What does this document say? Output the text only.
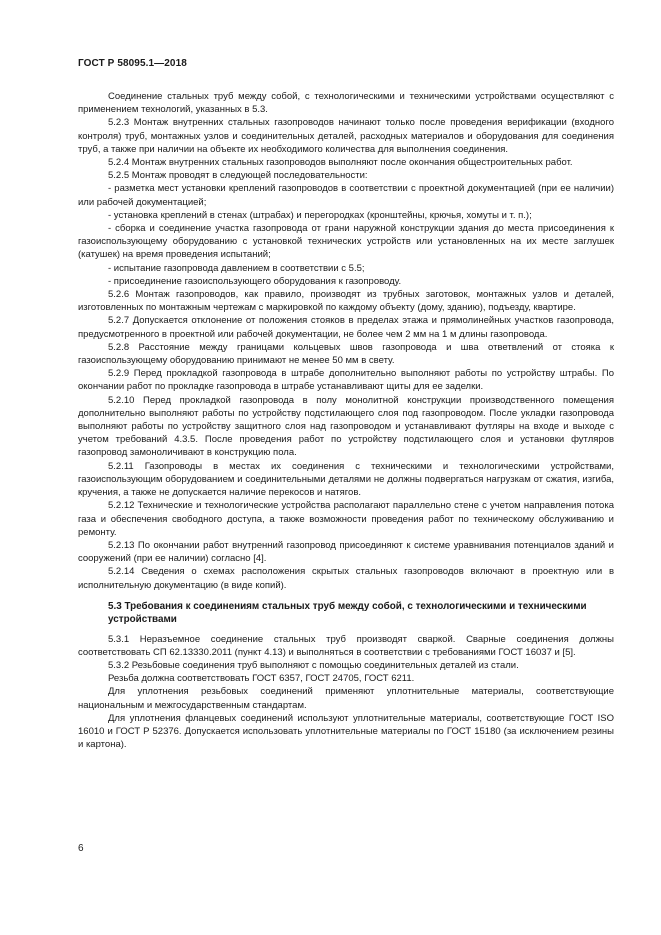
ГОСТ Р 58095.1—2018

Соединение стальных труб между собой, с технологическими и техническими устройствами осуществляют с применением технологий, указанных в 5.3.

5.2.3 Монтаж внутренних стальных газопроводов начинают только после проведения верификации (входного контроля) труб, монтажных узлов и соединительных деталей, расходных материалов и оборудования для соединения труб, а также при наличии на объекте их необходимого количества для выполнения соединения.

5.2.4 Монтаж внутренних стальных газопроводов выполняют после окончания общестроительных работ.

5.2.5 Монтаж проводят в следующей последовательности:

- разметка мест установки креплений газопроводов в соответствии с проектной документацией (при ее наличии) или рабочей документацией;

- установка креплений в стенах (штрабах) и перегородках (кронштейны, крючья, хомуты и т. п.);

- сборка и соединение участка газопровода от грани наружной конструкции здания до места присоединения к газоиспользующему оборудованию с установкой технических устройств или установленных на их месте заглушек (катушек) на время проведения испытаний;

- испытание газопровода давлением в соответствии с 5.5;

- присоединение газоиспользующего оборудования к газопроводу.

5.2.6 Монтаж газопроводов, как правило, производят из трубных заготовок, монтажных узлов и деталей, изготовленных по монтажным чертежам с маркировкой по каждому объекту (дому, зданию), подъезду, квартире.

5.2.7 Допускается отклонение от положения стояков в пределах этажа и прямолинейных участков газопровода, предусмотренного в проектной или рабочей документации, не более чем 2 мм на 1 м длины газопровода.

5.2.8 Расстояние между границами кольцевых швов газопровода и шва ответвлений от стояка к газоиспользующему оборудованию принимают не менее 50 мм в свету.

5.2.9 Перед прокладкой газопровода в штрабе дополнительно выполняют работы по устройству штрабы. По окончании работ по прокладке газопровода в штрабе устанавливают щиты для ее заделки.

5.2.10 Перед прокладкой газопровода в полу монолитной конструкции производственного помещения дополнительно выполняют работы по устройству подстилающего слоя под газопроводом. После укладки газопровода выполняют работы по устройству защитного слоя над газопроводом и устанавливают футляры на входе и выходе с учетом требований 4.3.5. После проведения работ по устройству подстилающего слоя и установки футляров газопровод замоноличивают в конструкцию пола.

5.2.11 Газопроводы в местах их соединения с техническими и технологическими устройствами, газоиспользующим оборудованием и соединительными деталями не должны подвергаться нагрузкам от сжатия, изгиба, кручения, а также не допускается наличие перекосов и натягов.

5.2.12 Технические и технологические устройства располагают параллельно стене с учетом направления потока газа и обеспечения свободного доступа, а также возможности проведения работ по техническому обслуживанию и ремонту.

5.2.13 По окончании работ внутренний газопровод присоединяют к системе уравнивания потенциалов зданий и сооружений (при ее наличии) согласно [4].

5.2.14 Сведения о схемах расположения скрытых стальных газопроводов включают в проектную или в исполнительную документацию (в виде копий).

5.3 Требования к соединениям стальных труб между собой, с технологическими и техническими устройствами

5.3.1 Неразъемное соединение стальных труб производят сваркой. Сварные соединения должны соответствовать СП 62.13330.2011 (пункт 4.13) и выполняться в соответствии с требованиями ГОСТ 16037 и [5].

5.3.2 Резьбовые соединения труб выполняют с помощью соединительных деталей из стали.

Резьба должна соответствовать ГОСТ 6357, ГОСТ 24705, ГОСТ 6211.

Для уплотнения резьбовых соединений применяют уплотнительные материалы, соответствующие национальным и межгосударственным стандартам.

Для уплотнения фланцевых соединений используют уплотнительные материалы, соответствующие ГОСТ ISO 16010 и ГОСТ Р 52376. Допускается использовать уплотнительные материалы по ГОСТ 15180 (за исключением резины и картона).

6
